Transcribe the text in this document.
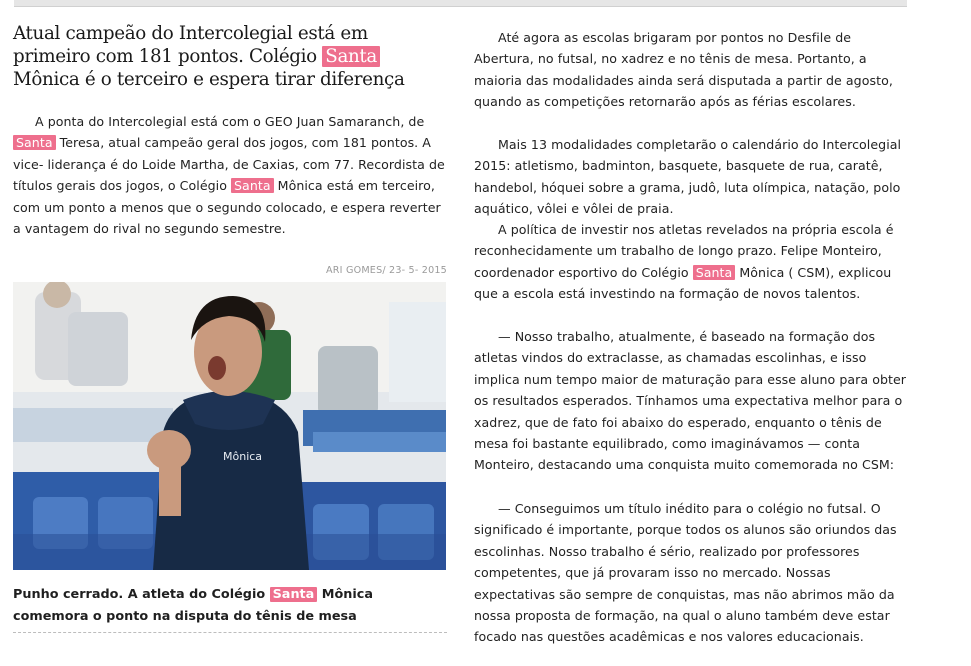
Atual campeão do Intercolegial está em primeiro com 181 pontos. Colégio Santa Mônica é o terceiro e espera tirar diferença

A ponta do Intercolegial está com o GEO Juan Samaranch, de Santa Teresa, atual campeão geral dos jogos, com 181 pontos. A vice- liderança é do Loide Martha, de Caxias, com 77. Recordista de títulos gerais dos jogos, o Colégio Santa Mônica está em terceiro, com um ponto a menos que o segundo colocado, e espera reverter a vantagem do rival no segundo semestre.

ARI GOMES/ 23- 5- 2015
Mônica

Punho cerrado. A atleta do Colégio Santa Mônica comemora o ponto na disputa do tênis de mesa

Até agora as escolas brigaram por pontos no Desfile de Abertura, no futsal, no xadrez e no tênis de mesa. Portanto, a maioria das modalidades ainda será disputada a partir de agosto, quando as competições retornarão após as férias escolares.

Mais 13 modalidades completarão o calendário do Intercolegial 2015: atletismo, badminton, basquete, basquete de rua, caratê, handebol, hóquei sobre a grama, judô, luta olímpica, natação, polo aquático, vôlei e vôlei de praia.

A política de investir nos atletas revelados na própria escola é reconhecidamente um trabalho de longo prazo. Felipe Monteiro, coordenador esportivo do Colégio Santa Mônica ( CSM), explicou que a escola está investindo na formação de novos talentos.

— Nosso trabalho, atualmente, é baseado na formação dos atletas vindos do extraclasse, as chamadas escolinhas, e isso implica num tempo maior de maturação para esse aluno para obter os resultados esperados. Tínhamos uma expectativa melhor para o xadrez, que de fato foi abaixo do esperado, enquanto o tênis de mesa foi bastante equilibrado, como imaginávamos — conta Monteiro, destacando uma conquista muito comemorada no CSM:

— Conseguimos um título inédito para o colégio no futsal. O significado é importante, porque todos os alunos são oriundos das escolinhas. Nosso trabalho é sério, realizado por professores competentes, que já provaram isso no mercado. Nossas expectativas são sempre de conquistas, mas não abrimos mão da nossa proposta de formação, na qual o aluno também deve estar focado nas questões acadêmicas e nos valores educacionais.
